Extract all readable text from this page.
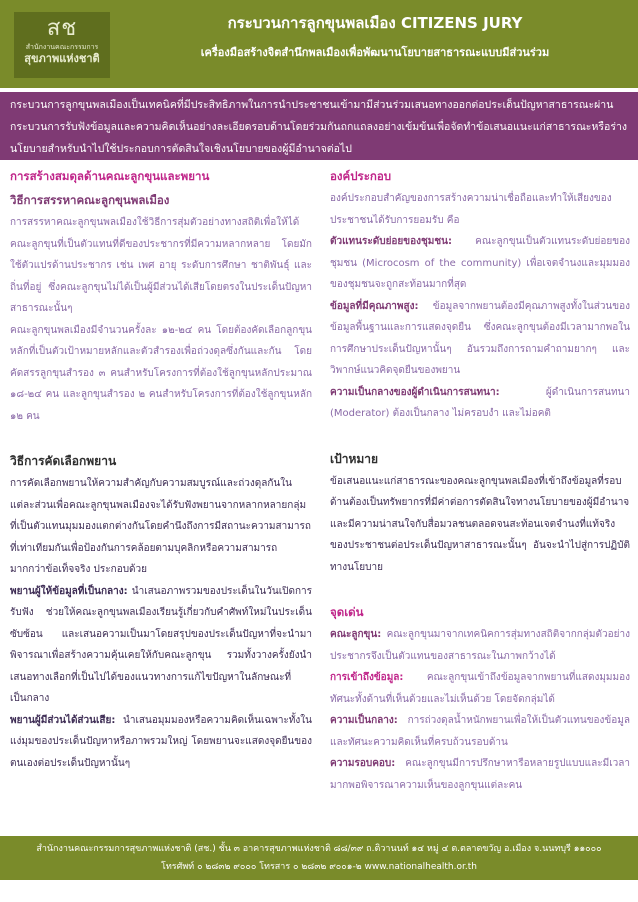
สช
สำนักงานคณะกรรมการ
สุขภาพแห่งชาติ
กระบวนการลูกขุนพลเมือง CITIZENS JURY
เครื่องมือสร้างจิตสำนึกพลเมืองเพื่อพัฒนานโยบายสาธารณะแบบมีส่วนร่วม
กระบวนการลูกขุนพลเมืองเป็นเทคนิคที่มีประสิทธิภาพในการนำประชาชนเข้ามามีส่วนร่วมเสนอทางออกต่อประเด็นปัญหาสาธารณะผ่านกระบวนการรับฟังข้อมูลและความคิดเห็นอย่างละเอียดรอบด้านโดยร่วมกันถกแถลงอย่างเข้มข้นเพื่อจัดทำข้อเสนอแนะแก่สาธารณะหรือร่างนโยบายสำหรับนำไปใช้ประกอบการตัดสินใจเชิงนโยบายของผู้มีอำนาจต่อไป
การสร้างสมดุลด้านคณะลูกขุนและพยาน
วิธีการสรรหาคณะลูกขุนพลเมือง

การสรรหาคณะลูกขุนพลเมืองใช้วิธีการสุ่มตัวอย่างทางสถิติเพื่อให้ได้คณะลูกขุนที่เป็นตัวแทนที่ดีของประชากรที่มีความหลากหลาย โดยมักใช้ตัวแปรด้านประชากร เช่น เพศ อายุ ระดับการศึกษา ชาติพันธุ์ และถิ่นที่อยู่ ซึ่งคณะลูกขุนไม่ได้เป็นผู้มีส่วนได้เสียโดยตรงในประเด็นปัญหาสาธารณะนั้นๆ

คณะลูกขุนพลเมืองมีจำนวนครั้งละ ๑๒-๒๔ คน โดยต้องคัดเลือกลูกขุนหลักที่เป็นตัวเป้าหมายหลักและตัวสำรองเพื่อถ่วงดุลซึ่งกันและกัน โดยคัดสรรลูกขุนสำรอง ๓ คนสำหรับโครงการที่ต้องใช้ลูกขุนหลักประมาณ ๑๘-๒๔ คน และลูกขุนสำรอง ๒ คนสำหรับโครงการที่ต้องใช้ลูกขุนหลัก ๑๒ คน

วิธีการคัดเลือกพยาน

การคัดเลือกพยานให้ความสำคัญกับความสมบูรณ์และถ่วงดุลกันในแต่ละส่วนเพื่อคณะลูกขุนพลเมืองจะได้รับฟังพยานจากหลากหลายกลุ่มที่เป็นตัวแทนมุมมองแตกต่างกันโดยคำนึงถึงการมีสถานะความสามารถที่เท่าเทียมกันเพื่อป้องกันการคล้อยตามบุคลิกหรือความสามารถมากกว่าข้อเท็จจริง ประกอบด้วย

พยานผู้ให้ข้อมูลที่เป็นกลาง: นำเสนอภาพรวมของประเด็นในวันเปิดการรับฟัง ช่วยให้คณะลูกขุนพลเมืองเรียนรู้เกี่ยวกับคำศัพท์ใหม่ในประเด็นซับซ้อน และเสนอความเป็นมาโดยสรุปของประเด็นปัญหาที่จะนำมาพิจารณาเพื่อสร้างความคุ้นเคยให้กับคณะลูกขุน รวมทั้งวางครั้งยังนำเสนอทางเลือกที่เป็นไปได้ของแนวทางการแก้ไขปัญหาในลักษณะที่เป็นกลาง

พยานผู้มีส่วนได้ส่วนเสีย: นำเสนอมุมมองหรือความคิดเห็นเฉพาะทั้งในแง่มุมของประเด็นปัญหาหรือภาพรวมใหญ่ โดยพยานจะแสดงจุดยืนของตนเองต่อประเด็นปัญหานั้นๆ

องค์ประกอบ

องค์ประกอบสำคัญของการสร้างความน่าเชื่อถือและทำให้เสียงของประชาชนได้รับการยอมรับ คือ

ตัวแทนระดับย่อยของชุมชน: คณะลูกขุนเป็นตัวแทนระดับย่อยของชุมชน (Microcosm of the community) เพื่อเจตจำนงและมุมมองของชุมชนจะถูกสะท้อนมากที่สุด

ข้อมูลที่มีคุณภาพสูง: ข้อมูลจากพยานต้องมีคุณภาพสูงทั้งในส่วนของข้อมูลพื้นฐานและการแสดงจุดยืน ซึ่งคณะลูกขุนต้องมีเวลามากพอในการศึกษาประเด็นปัญหานั้นๆ อันรวมถึงการถามคำถามยากๆ และวิพากษ์แนวคิดจุดยืนของพยาน

ความเป็นกลางของผู้ดำเนินการสนทนา: ผู้ดำเนินการสนทนา (Moderator) ต้องเป็นกลาง ไม่ครอบงำ และไม่อคติ

เป้าหมาย

ข้อเสนอแนะแก่สาธารณะของคณะลูกขุนพลเมืองที่เข้าถึงข้อมูลที่รอบด้านต้องเป็นทรัพยากรที่มีค่าต่อการตัดสินใจทางนโยบายของผู้มีอำนาจและมีความน่าสนใจกับสื่อมวลชนตลอดจนสะท้อนเจตจำนงที่แท้จริงของประชาชนต่อประเด็นปัญหาสาธารณะนั้นๆ อันจะนำไปสู่การปฏิบัติทางนโยบาย

จุดเด่น

คณะลูกขุน: คณะลูกขุนมาจากเทคนิคการสุ่มทางสถิติจากกลุ่มตัวอย่างประชากรจึงเป็นตัวแทนของสาธารณะในภาพกว้างได้

การเข้าถึงข้อมูล: คณะลูกขุนเข้าถึงข้อมูลจากพยานที่แสดงมุมมองทัศนะทั้งด้านที่เห็นด้วยและไม่เห็นด้วย โดยจัดกลุ่มได้

ความเป็นกลาง: การถ่วงดุลน้ำหนักพยานเพื่อให้เป็นตัวแทนของข้อมูลและทัศนะความคิดเห็นที่ครบถ้วนรอบด้าน

ความรอบคอบ: คณะลูกขุนมีการปรึกษาหารือหลายรูปแบบและมีเวลามากพอพิจารณาความเห็นของลูกขุนแต่ละคน

สำนักงานคณะกรรมการสุขภาพแห่งชาติ (สช.) ชั้น ๓ อาคารสุขภาพแห่งชาติ ๘๘/๓๙ ถ.ติวานนท์ ๑๔ หมู่ ๔ ต.ตลาดขวัญ อ.เมือง จ.นนทบุรี ๑๑๐๐๐
โทรศัพท์ ๐ ๒๘๓๒ ๙๐๐๐ โทรสาร ๐ ๒๘๓๒ ๙๐๐๑-๒ www.nationalhealth.or.th
